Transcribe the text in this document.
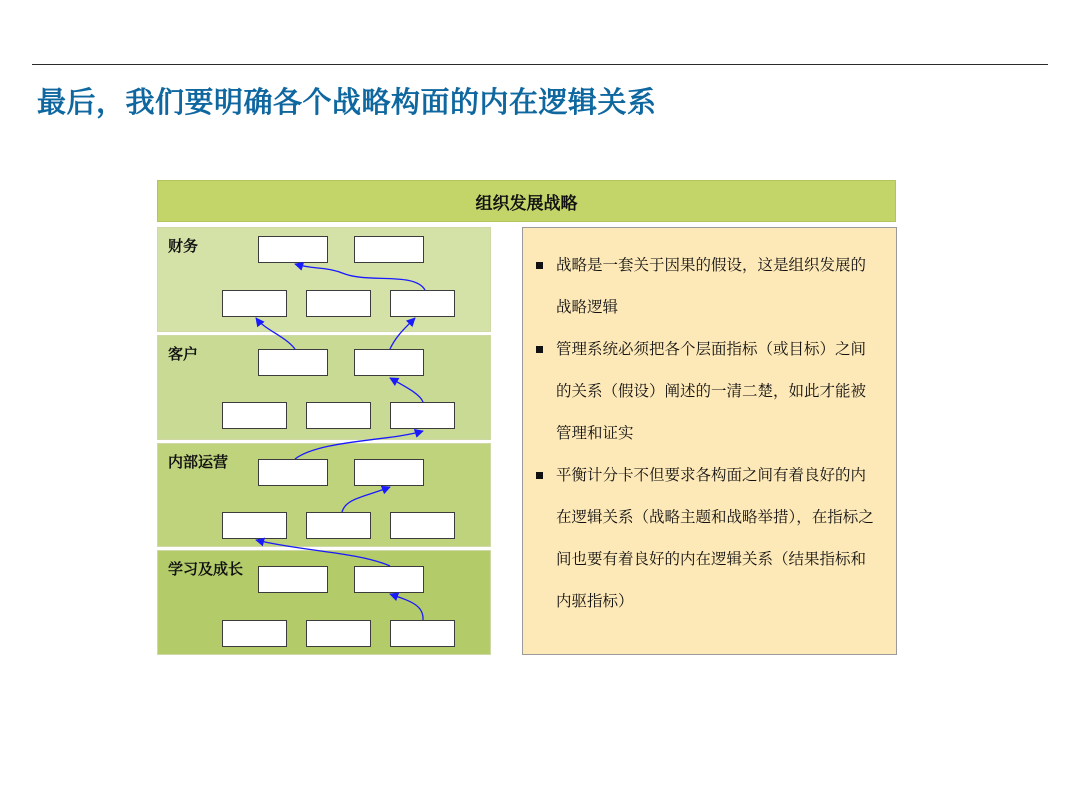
最后，我们要明确各个战略构面的内在逻辑关系
组织发展战略
财务
客户
内部运营
学习及成长
战略是一套关于因果的假设，这是组织发展的战略逻辑
管理系统必须把各个层面指标（或目标）之间的关系（假设）阐述的一清二楚，如此才能被管理和证实
平衡计分卡不但要求各构面之间有着良好的内在逻辑关系（战略主题和战略举措），在指标之间也要有着良好的内在逻辑关系（结果指标和内驱指标）
